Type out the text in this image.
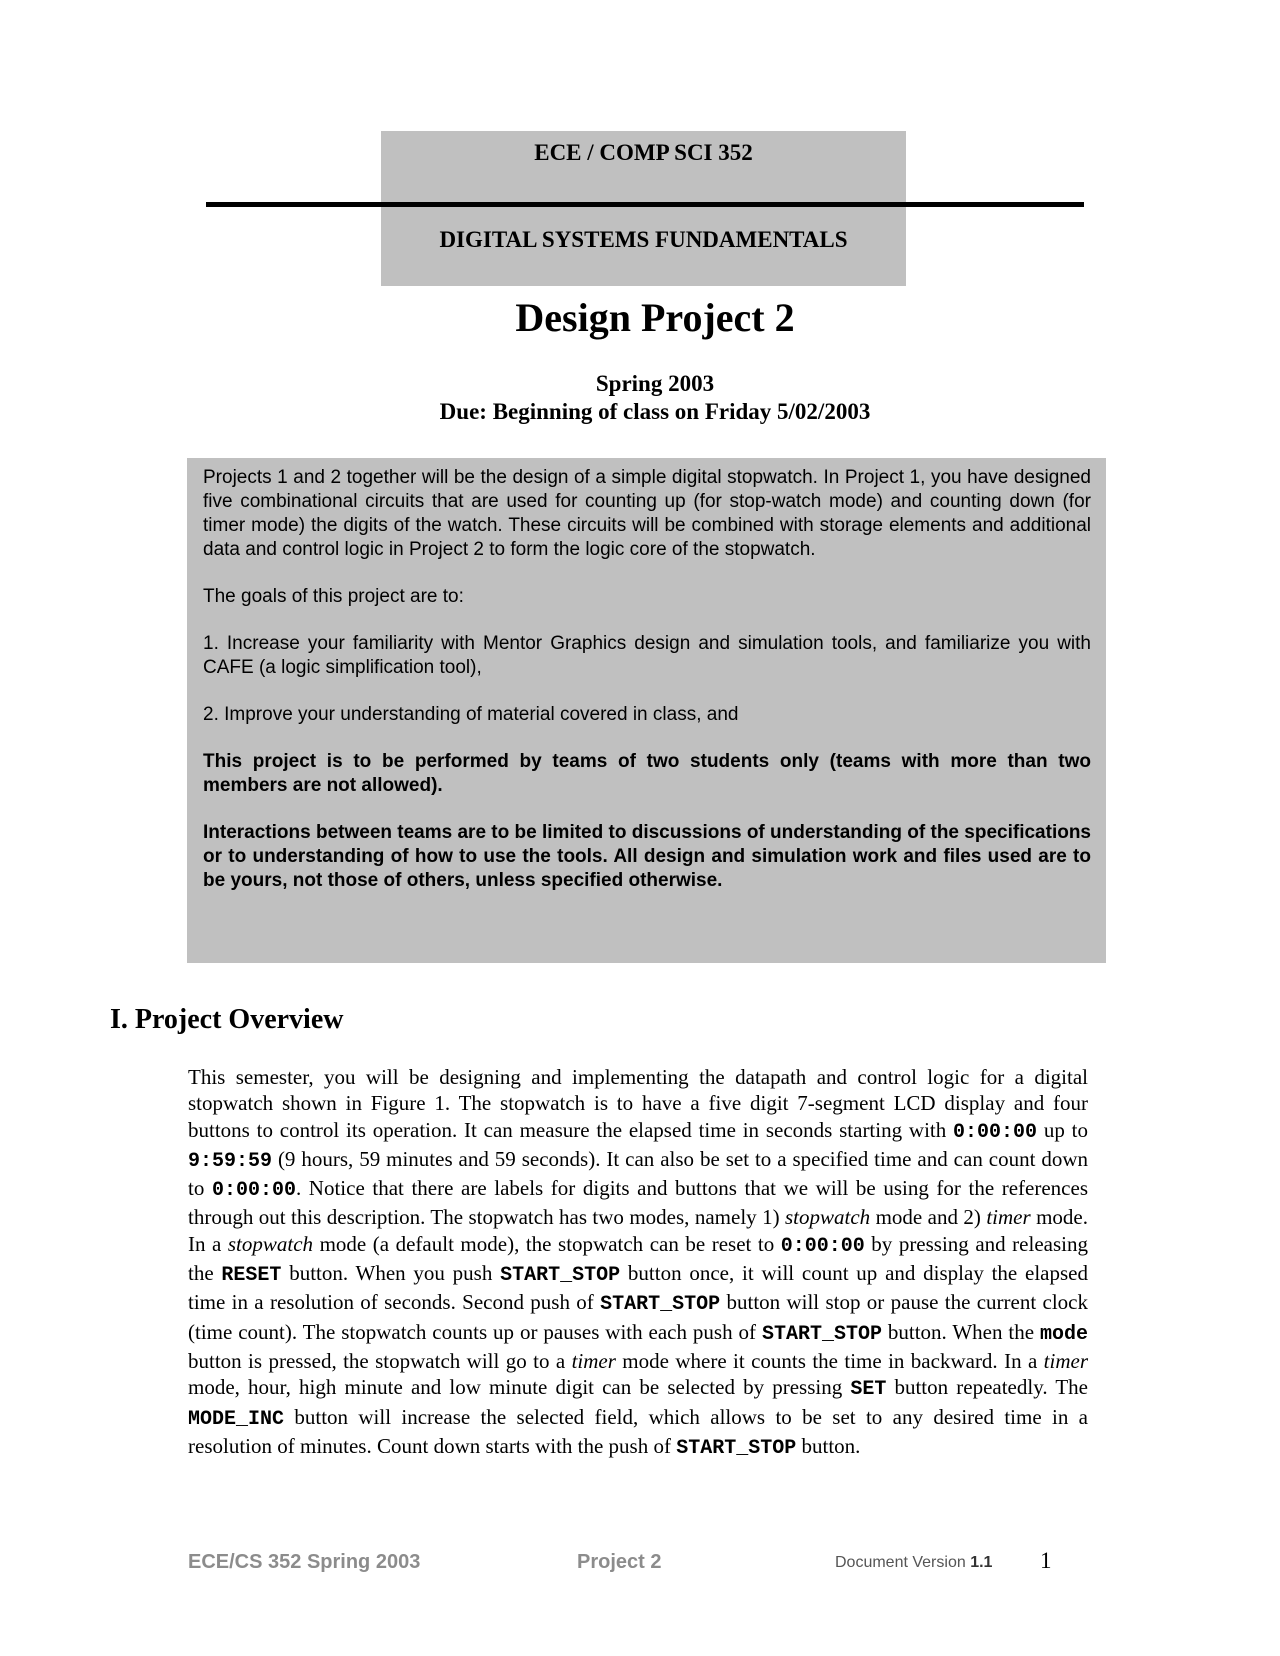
ECE / COMP SCI 352
DIGITAL SYSTEMS FUNDAMENTALS
Design Project 2
Spring 2003
Due: Beginning of class on Friday 5/02/2003

Projects 1 and 2 together will be the design of a simple digital stopwatch. In Project 1, you have designed five combinational circuits that are used for counting up (for stop-watch mode) and counting down (for timer mode) the digits of the watch. These circuits will be combined with storage elements and additional data and control logic in Project 2 to form the logic core of the stopwatch.

The goals of this project are to:

1. Increase your familiarity with Mentor Graphics design and simulation tools, and familiarize you with CAFE (a logic simplification tool),

2. Improve your understanding of material covered in class, and

This project is to be performed by teams of two students only (teams with more than two members are not allowed).

Interactions between teams are to be limited to discussions of understanding of the specifications or to understanding of how to use the tools. All design and simulation work and files used are to be yours, not those of others, unless specified otherwise.

I. Project Overview
This semester, you will be designing and implementing the datapath and control logic for a digital stopwatch shown in Figure 1. The stopwatch is to have a five digit 7-segment LCD display and four buttons to control its operation. It can measure the elapsed time in seconds starting with 0:00:00 up to 9:59:59 (9 hours, 59 minutes and 59 seconds). It can also be set to a specified time and can count down to 0:00:00. Notice that there are labels for digits and buttons that we will be using for the references through out this description. The stopwatch has two modes, namely 1) stopwatch mode and 2) timer mode. In a stopwatch mode (a default mode), the stopwatch can be reset to 0:00:00 by pressing and releasing the RESET button. When you push START_STOP button once, it will count up and display the elapsed time in a resolution of seconds. Second push of START_STOP button will stop or pause the current clock (time count). The stopwatch counts up or pauses with each push of START_STOP button. When the mode button is pressed, the stopwatch will go to a timer mode where it counts the time in backward. In a timer mode, hour, high minute and low minute digit can be selected by pressing SET button repeatedly. The MODE_INC button will increase the selected field, which allows to be set to any desired time in a resolution of minutes. Count down starts with the push of START_STOP button.
ECE/CS 352 Spring 2003	Project 2	Document Version 1.1 1
